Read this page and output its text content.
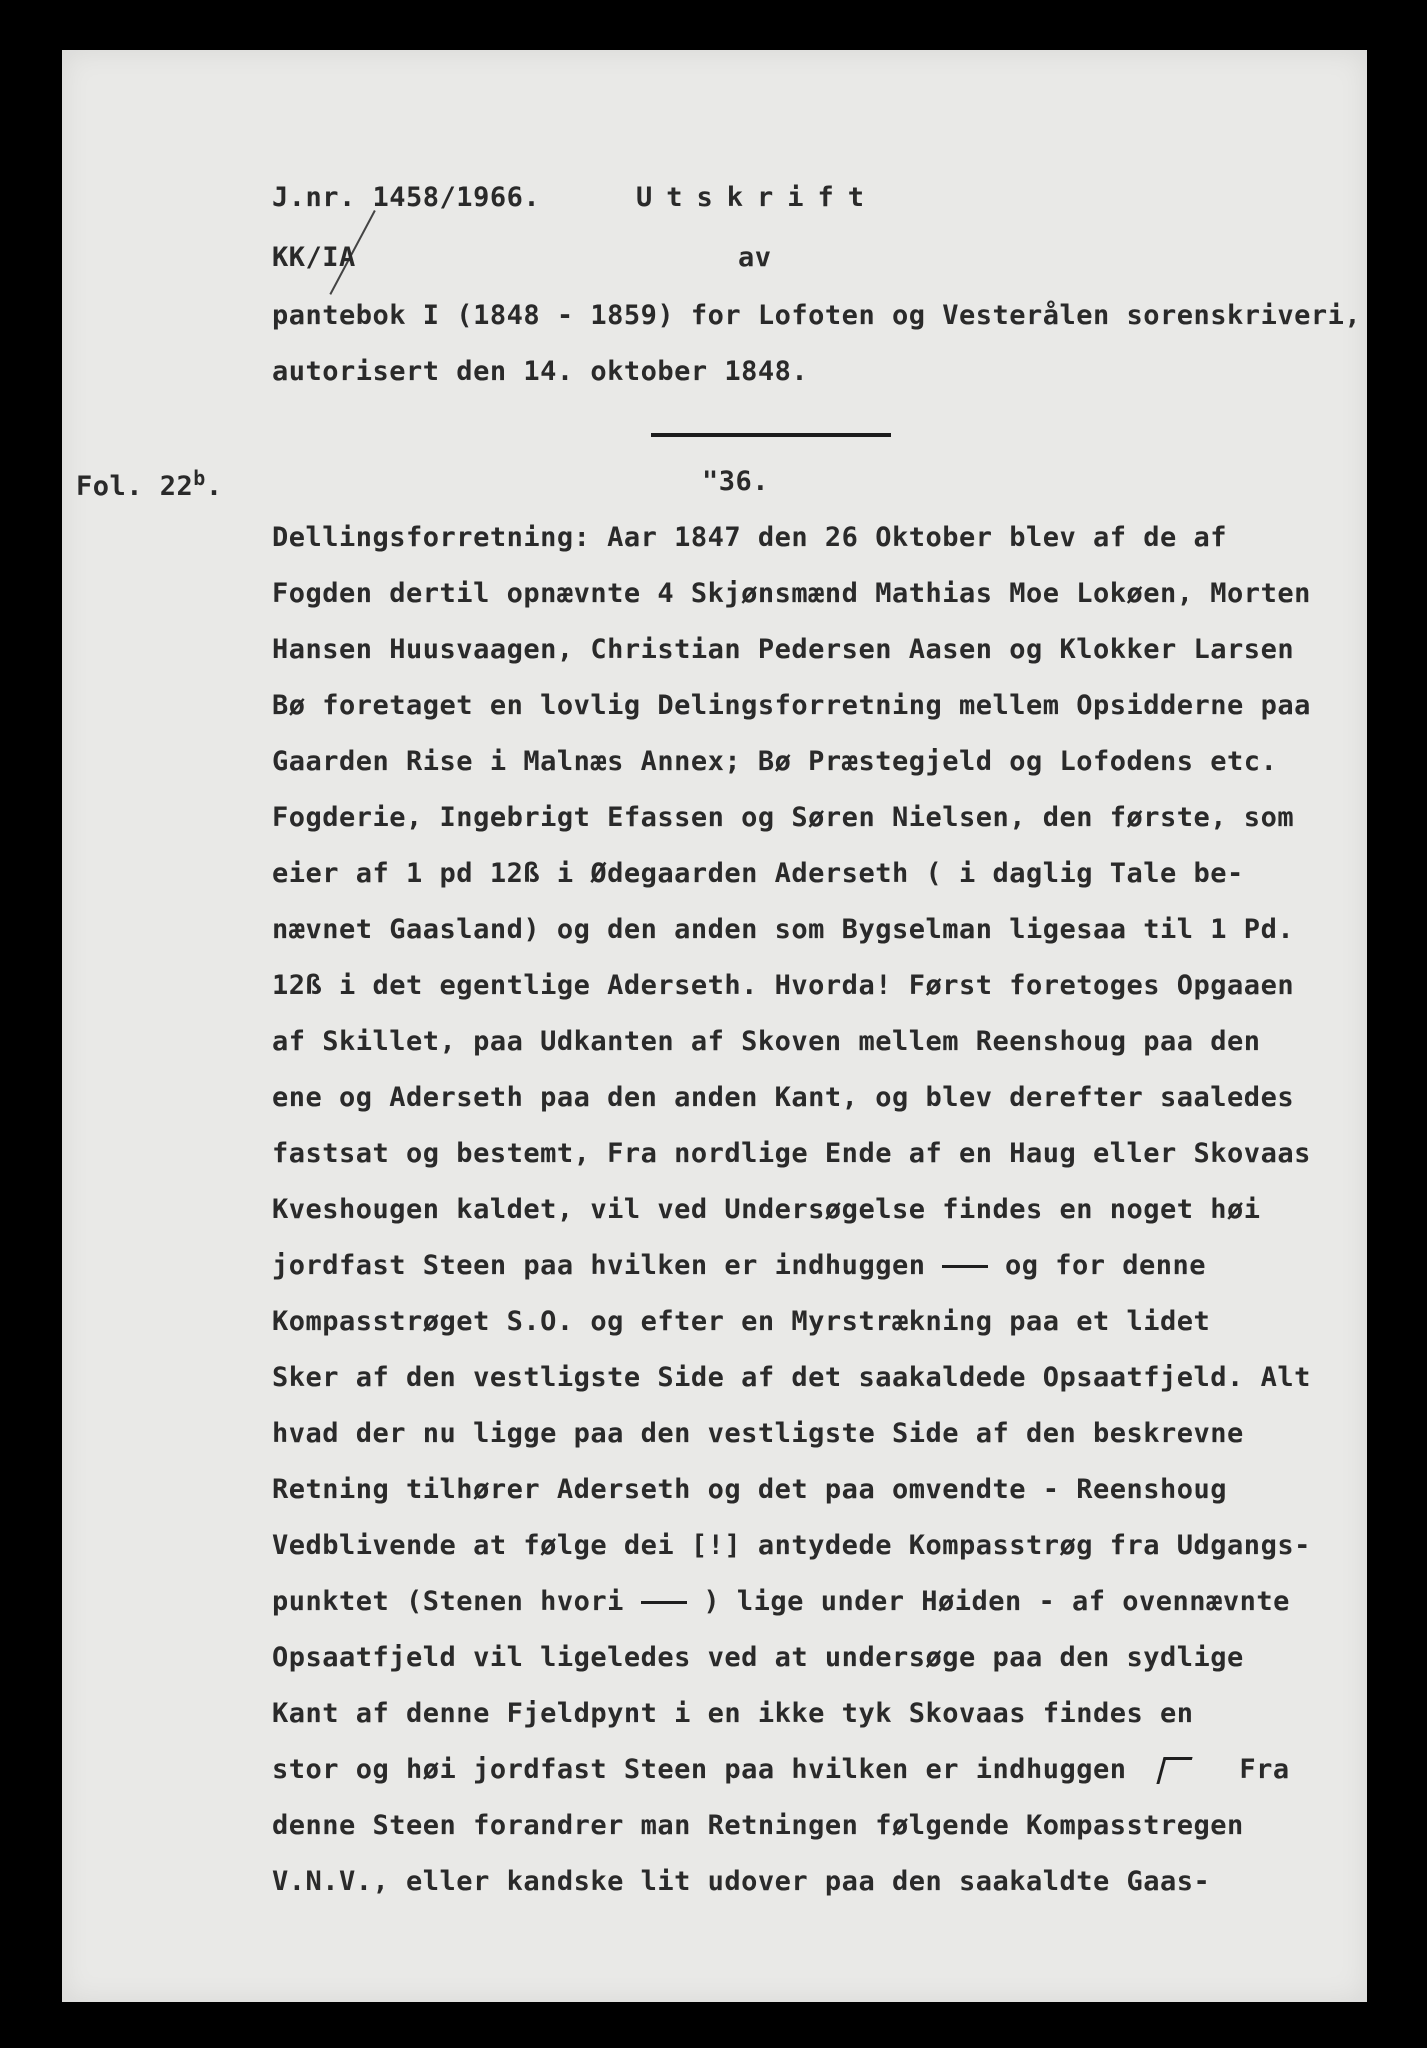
J.nr. 1458/1966.	Utskrift
KK/IA	av
pantebok I (1848 - 1859) for Lofoten og Vesterålen sorenskriveri,
autorisert den 14. oktober 1848.
Fol. 22$^b$.	"36.
Dellingsforretning: Aar 1847 den 26 Oktober blev af de af
Fogden dertil opnævnte 4 Skjønsmænd Mathias Moe Lokøen, Morten
Hansen Huusvaagen, Christian Pedersen Aasen og Klokker Larsen
Bø foretaget en lovlig Delingsforretning mellem Opsidderne paa
Gaarden Rise i Malnæs Annex; Bø Præstegjeld og Lofodens etc.
Fogderie, Ingebrigt Efassen og Søren Nielsen, den første, som
eier af 1 pd 12ß i Ødegaarden Aderseth ( i daglig Tale be-
nævnet Gaasland) og den anden som Bygselman ligesaa til 1 Pd.
12ß i det egentlige Aderseth. Hvorda! Først foretoges Opgaaen
af Skillet, paa Udkanten af Skoven mellem Reenshoug paa den
ene og Aderseth paa den anden Kant, og blev derefter saaledes
fastsat og bestemt, Fra nordlige Ende af en Haug eller Skovaas
Kveshougen kaldet, vil ved Undersøgelse findes en noget høi
jordfast Steen paa hvilken er indhuggen	og for denne
Kompasstrøget S.O. og efter en Myrstrækning paa et lidet
Sker af den vestligste Side af det saakaldede Opsaatfjeld. Alt
hvad der nu ligge paa den vestligste Side af den beskrevne
Retning tilhører Aderseth og det paa omvendte - Reenshoug
Vedblivende at følge dei [!] antydede Kompasstrøg fra Udgangs-
punktet (Stenen hvori	) lige under Høiden - af ovennævnte
Opsaatfjeld vil ligeledes ved at undersøge paa den sydlige
Kant af denne Fjeldpynt i en ikke tyk Skovaas findes en
stor og høi jordfast Steen paa hvilken er indhuggen	Fra
denne Steen forandrer man Retningen følgende Kompasstregen
V.N.V., eller kandske lit udover paa den saakaldte Gaas-
